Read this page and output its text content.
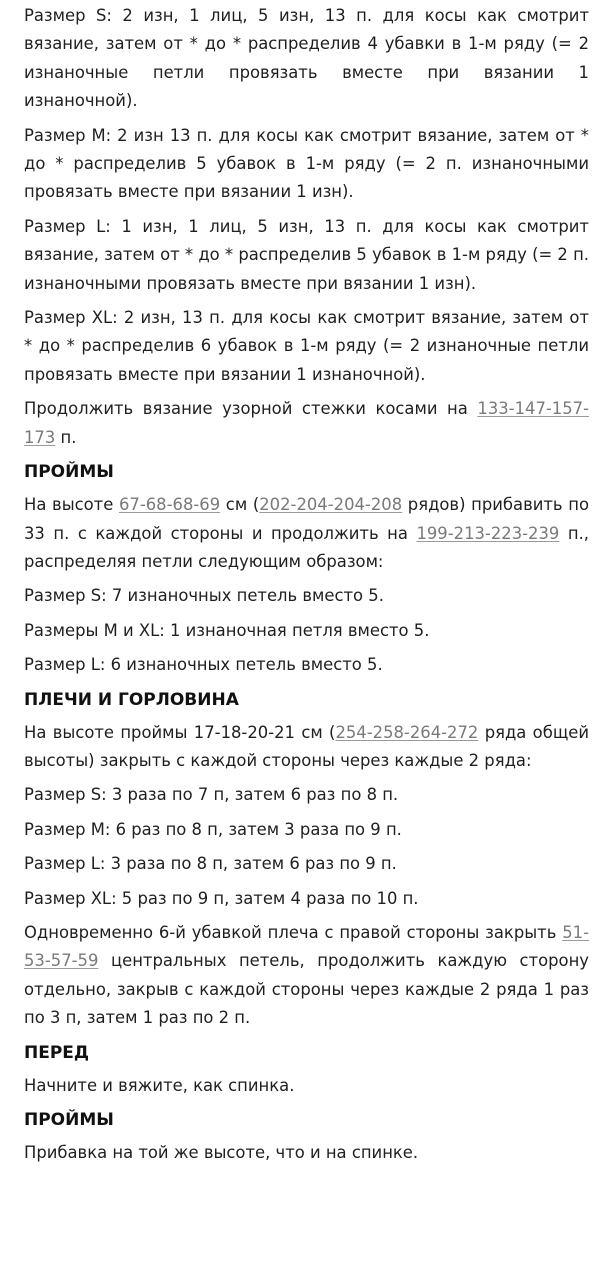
Размер S: 2 изн, 1 лиц, 5 изн, 13 п. для косы как смотрит вязание, затем от * до * распределив 4 убавки в 1-м ряду (= 2 изнаночные петли провязать вместе при вязании 1 изнаночной).

Размер М: 2 изн 13 п. для косы как смотрит вязание, затем от * до * распределив 5 убавок в 1-м ряду (= 2 п. изнаночными провязать вместе при вязании 1 изн).

Размер L: 1 изн, 1 лиц, 5 изн, 13 п. для косы как смотрит вязание, затем от * до * распределив 5 убавок в 1-м ряду (= 2 п. изнаночными провязать вместе при вязании 1 изн).

Размер XL: 2 изн, 13 п. для косы как смотрит вязание, затем от * до * распределив 6 убавок в 1-м ряду (= 2 изнаночные петли провязать вместе при вязании 1 изнаночной).

Продолжить вязание узорной стежки косами на 133-147-157-173 п.

ПРОЙМЫ

На высоте 67-68-68-69 см (202-204-204-208 рядов) прибавить по 33 п. с каждой стороны и продолжить на 199-213-223-239 п., распределяя петли следующим образом:

Размер S: 7 изнаночных петель вместо 5.

Размеры M и XL: 1 изнаночная петля вместо 5.

Размер L: 6 изнаночных петель вместо 5.

ПЛЕЧИ И ГОРЛОВИНА

На высоте проймы 17-18-20-21 см (254-258-264-272 ряда общей высоты) закрыть с каждой стороны через каждые 2 ряда:

Размер S: 3 раза по 7 п, затем 6 раз по 8 п.

Размер М: 6 раз по 8 п, затем 3 раза по 9 п.

Размер L: 3 раза по 8 п, затем 6 раз по 9 п.

Размер XL: 5 раз по 9 п, затем 4 раза по 10 п.

Одновременно 6-й убавкой плеча с правой стороны закрыть 51-53-57-59 центральных петель, продолжить каждую сторону отдельно, закрыв с каждой стороны через каждые 2 ряда 1 раз по 3 п, затем 1 раз по 2 п.

ПЕРЕД

Начните и вяжите, как спинка.

ПРОЙМЫ

Прибавка на той же высоте, что и на спинке.
